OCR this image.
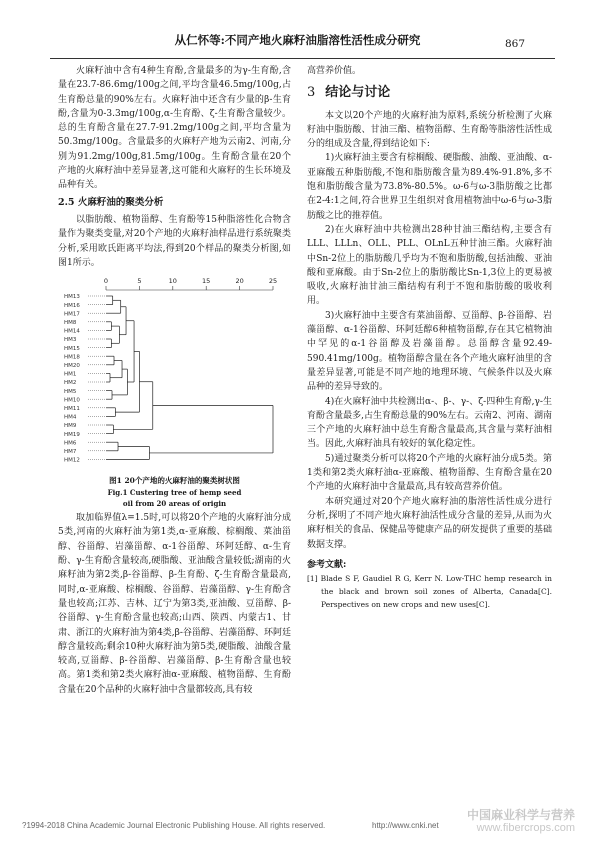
从仁怀等:不同产地火麻籽油脂溶性活性成分研究	867

火麻籽油中含有4种生育酚,含量最多的为γ-生育酚,含量在23.7-86.6mg/100g之间,平均含量46.5mg/100g,占生育酚总量的90%左右。火麻籽油中还含有少量的β-生育酚,含量为0-3.3mg/100g,α-生育酚、ζ-生育酚含量较少。总的生育酚含量在27.7-91.2mg/100g之间,平均含量为50.3mg/100g。含量最多的火麻籽产地为云南2、河南,分别为91.2mg/100g,81.5mg/100g。生育酚含量在20个产地的火麻籽油中差异显著,这可能和火麻籽的生长环境及品种有关。

2.5 火麻籽油的聚类分析

以脂肪酸、植物甾醇、生育酚等15种脂溶性化合物含量作为聚类变量,对20个产地的火麻籽油样品进行系统聚类分析,采用欧氏距离平均法,得到20个样品的聚类分析图,如图1所示。

0	5	10	15	20	25
HM13
HM16
HM17
HM8
HM14
HM3
HM15
HM18
HM20
HM1
HM2
HM5
HM10
HM11
HM4
HM9
HM19
HM6
HM7
HM12
图1 20个产地的火麻籽油的聚类树状图
Fig.1 Custering tree of hemp seed
oil from 20 areas of origin

取加临界值λ=1.5时,可以将20个产地的火麻籽油分成5类,河南的火麻籽油为第1类,α-亚麻酸、棕榈酸、菜油甾醇、谷甾醇、岩藻甾醇、α-1谷甾醇、环阿廷醇、α-生育酚、γ-生育酚含量较高,硬脂酸、亚油酸含量较低;湖南的火麻籽油为第2类,β-谷甾醇、β-生育酚、ζ-生育酚含量最高,同时,α-亚麻酸、棕榈酸、谷甾醇、岩藻甾醇、γ-生育酚含量也较高;江苏、吉林、辽宁为第3类,亚油酸、豆甾醇、β-谷甾醇、γ-生育酚含量也较高;山西、陕西、内蒙古1、甘肃、浙江的火麻籽油为第4类,β-谷甾醇、岩藻甾醇、环阿廷醇含量较高;剩余10种火麻籽油为第5类,硬脂酸、油酸含量较高,豆甾醇、β-谷甾醇、岩藻甾醇、β-生育酚含量也较高。第1类和第2类火麻籽油α-亚麻酸、植物甾醇、生育酚含量在20个品种的火麻籽油中含量都较高,具有较

高营养价值。

3 结论与讨论

本文以20个产地的火麻籽油为原料,系统分析检测了火麻籽油中脂肪酸、甘油三酯、植物甾醇、生育酚等脂溶性活性成分的组成及含量,得到结论如下:

1)火麻籽油主要含有棕榈酸、硬脂酸、油酸、亚油酸、α-亚麻酸五种脂肪酸,不饱和脂肪酸含量为89.4%-91.8%,多不饱和脂肪酸含量为73.8%-80.5%。ω-6与ω-3脂肪酸之比都在2-4:1之间,符合世界卫生组织对食用植物油中ω-6与ω-3脂肪酸之比的推荐值。

2)在火麻籽油中共检测出28种甘油三酯结构,主要含有LLL、LLLn、OLL、PLL、OLnL五种甘油三酯。火麻籽油中Sn-2位上的脂肪酸几乎均为不饱和脂肪酸,包括油酸、亚油酸和亚麻酸。由于Sn-2位上的脂肪酸比Sn-1,3位上的更易被吸收,火麻籽油甘油三酯结构有利于不饱和脂肪酸的吸收利用。

3)火麻籽油中主要含有菜油甾醇、豆甾醇、β-谷甾醇、岩藻甾醇、α-1谷甾醇、环阿廷醇6种植物甾醇,存在其它植物油中罕见的α-1谷甾醇及岩藻甾醇。总甾醇含量92.49-590.41mg/100g。植物甾醇含量在各个产地火麻籽油里的含量差异显著,可能是不同产地的地理环境、气候条件以及火麻品种的差异导致的。

4)在火麻籽油中共检测出α-、β-、γ-、ζ-四种生育酚,γ-生育酚含量最多,占生育酚总量的90%左右。云南2、河南、湖南三个产地的火麻籽油中总生育酚含量最高,其含量与菜籽油相当。因此,火麻籽油具有较好的氧化稳定性。

5)通过聚类分析可以将20个产地的火麻籽油分成5类。第1类和第2类火麻籽油α-亚麻酸、植物甾醇、生育酚含量在20个产地的火麻籽油中含量最高,具有较高营养价值。

本研究通过对20个产地火麻籽油的脂溶性活性成分进行分析,探明了不同产地火麻籽油活性成分含量的差异,从而为火麻籽相关的食品、保健品等健康产品的研发提供了重要的基础数据支撑。

参考文献:
[1] Blade S F, Gaudiel R G, Kerr N. Low-THC hemp research in the black and brown soil zones of Alberta, Canada[C]. Perspectives on new crops and new uses[C].
?1994-2018 China Academic Journal Electronic Publishing House. All rights reserved.	http://www.cnki.net
中国麻业科学与营养
www.fibercrops.com
